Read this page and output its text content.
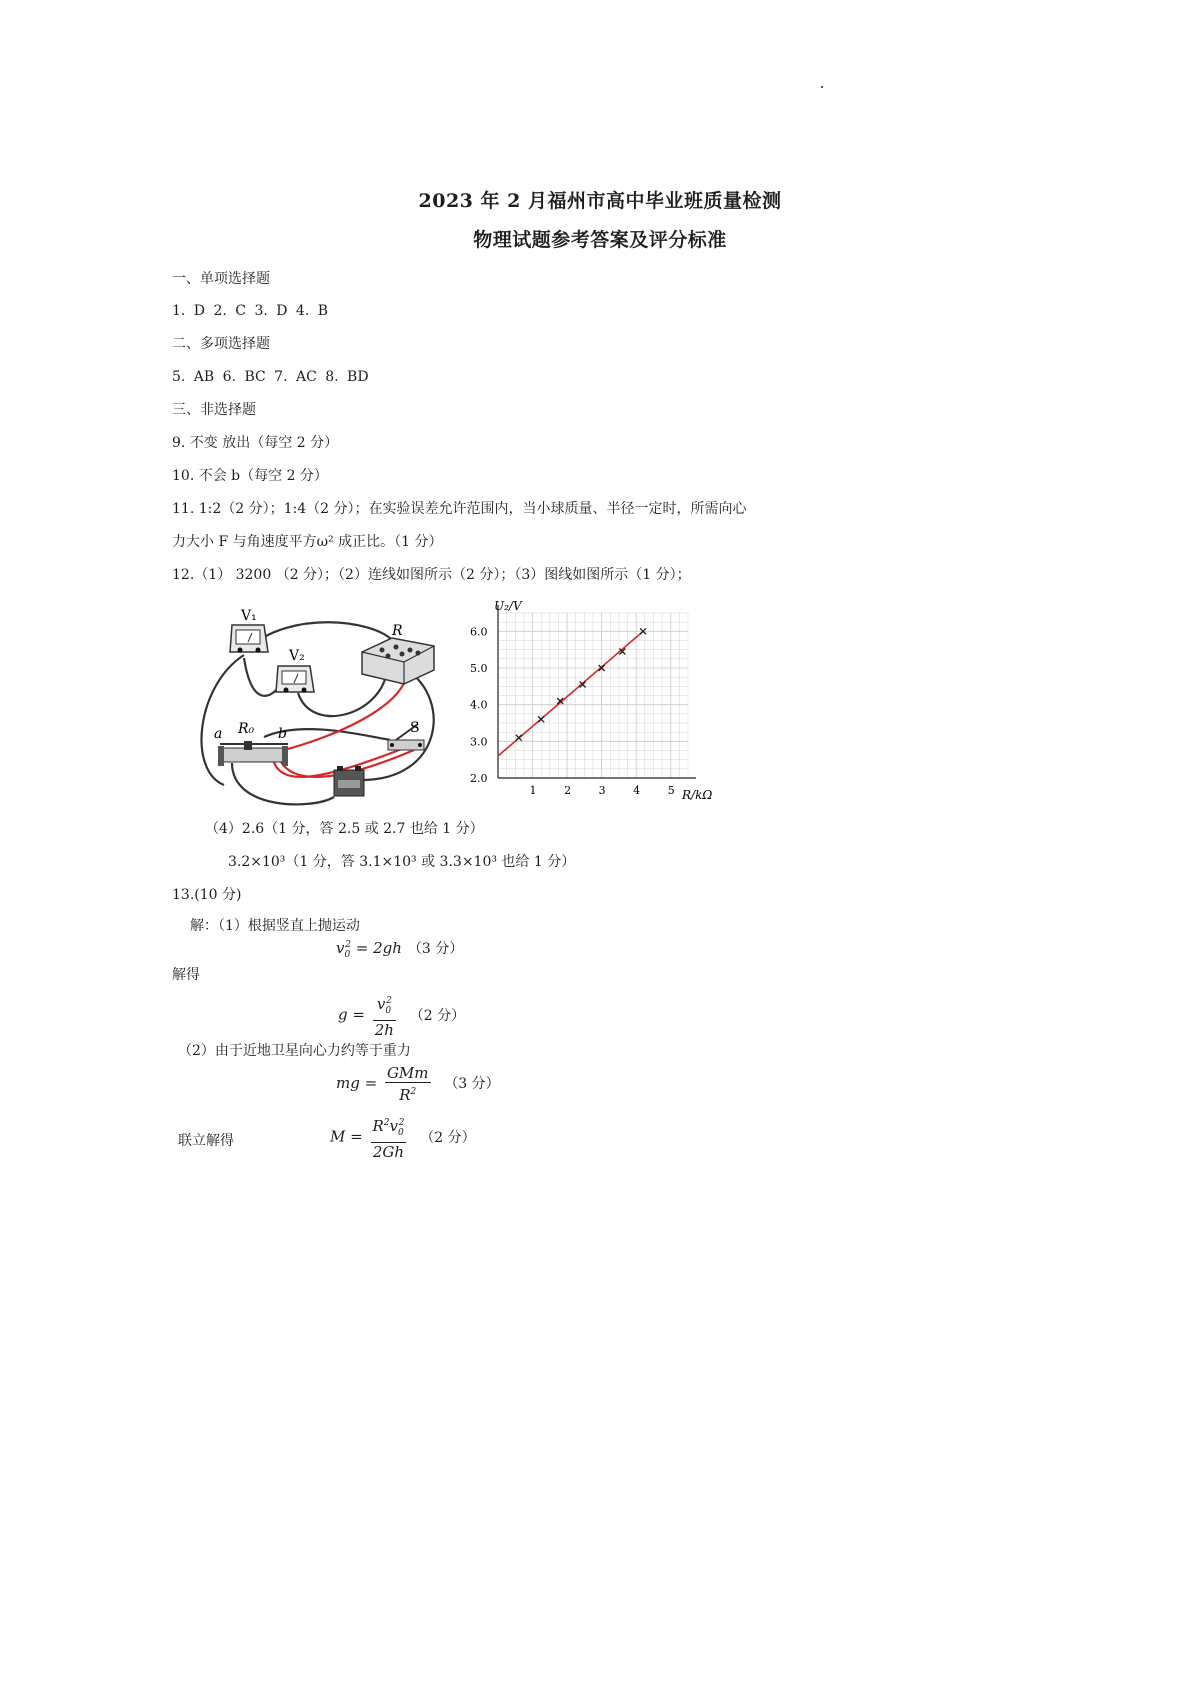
2023 年 2 月福州市高中毕业班质量检测
物理试题参考答案及评分标准
一、单项选择题
1. D 2. C 3. D 4. B
二、多项选择题
5. AB 6. BC 7. AC 8. BD
三、非选择题
9. 不变 放出（每空 2 分）
10. 不会 b（每空 2 分）
11. 1:2（2 分）；1:4（2 分）；在实验误差允许范围内，当小球质量、半径一定时，所需向心
力大小 F 与角速度平方ω² 成正比。（1 分）
12.（1） 3200 （2 分）；（2）连线如图所示（2 分）；（3）图线如图所示（1 分）；
V₁
V₂
R
a R₀ b	S
1	2	3	4	5
2.0
3.0
4.0
5.0
6.0
U₂/V
R/kΩ
（4）2.6（1 分，答 2.5 或 2.7 也给 1 分）
3.2×10³（1 分，答 3.1×10³ 或 3.3×10³ 也给 1 分）
13.(10 分)
解：（1）根据竖直上抛运动
$v_0^2 = 2gh$ （3 分）
解得
$g = \frac{v_0^2}{2h} (2$ 分）
（2）由于近地卫星向心力约等于重力
mg = $\frac{\text{GMm}}{R^2} (3$ 分）
联立解得	$M = \frac{R^2v_0^2}{2Gh} (2$ 分）
